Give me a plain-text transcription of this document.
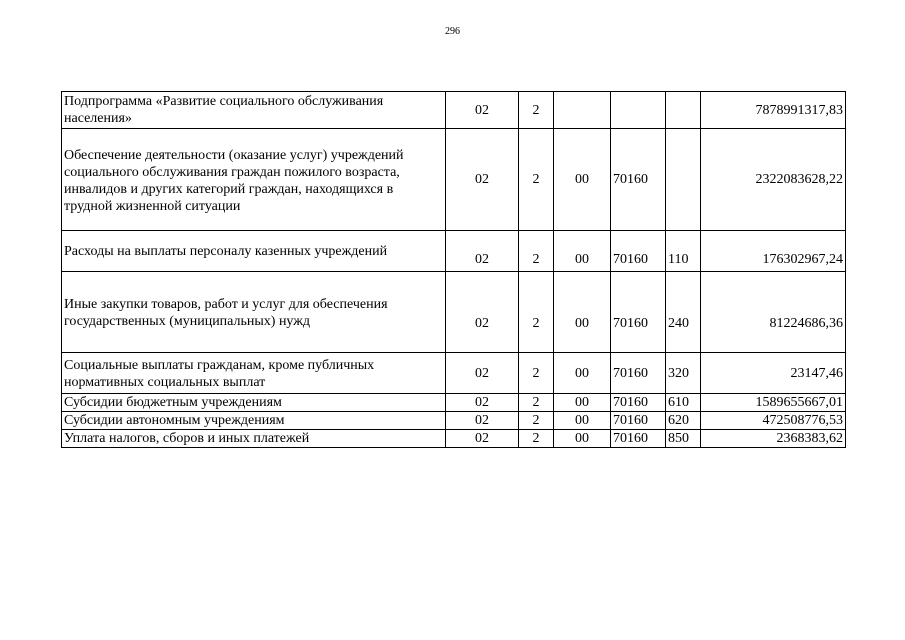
296
Подпрограмма «Развитие социального обслуживания населения»	02	2				7878991317,83

Обеспечение деятельности (оказание услуг) учреждений социального обслуживания граждан пожилого возраста, инвалидов и других категорий граждан, находящихся в трудной жизненной ситуации	02	2	00	70160		2322083628,22

Расходы на выплаты персоналу казенных учреждений	02	2	00	70160	110	176302967,24

Иные закупки товаров, работ и услуг для обеспечения государственных (муниципальных) нужд	02	2	00	70160	240	81224686,36

Социальные выплаты гражданам, кроме публичных нормативных социальных выплат	02	2	00	70160	320	23147,46

Субсидии бюджетным учреждениям	02	2	00	70160	610	1589655667,01

Субсидии автономным учреждениям	02	2	00	70160	620	472508776,53

Уплата налогов, сборов и иных платежей	02	2	00	70160	850	2368383,62
